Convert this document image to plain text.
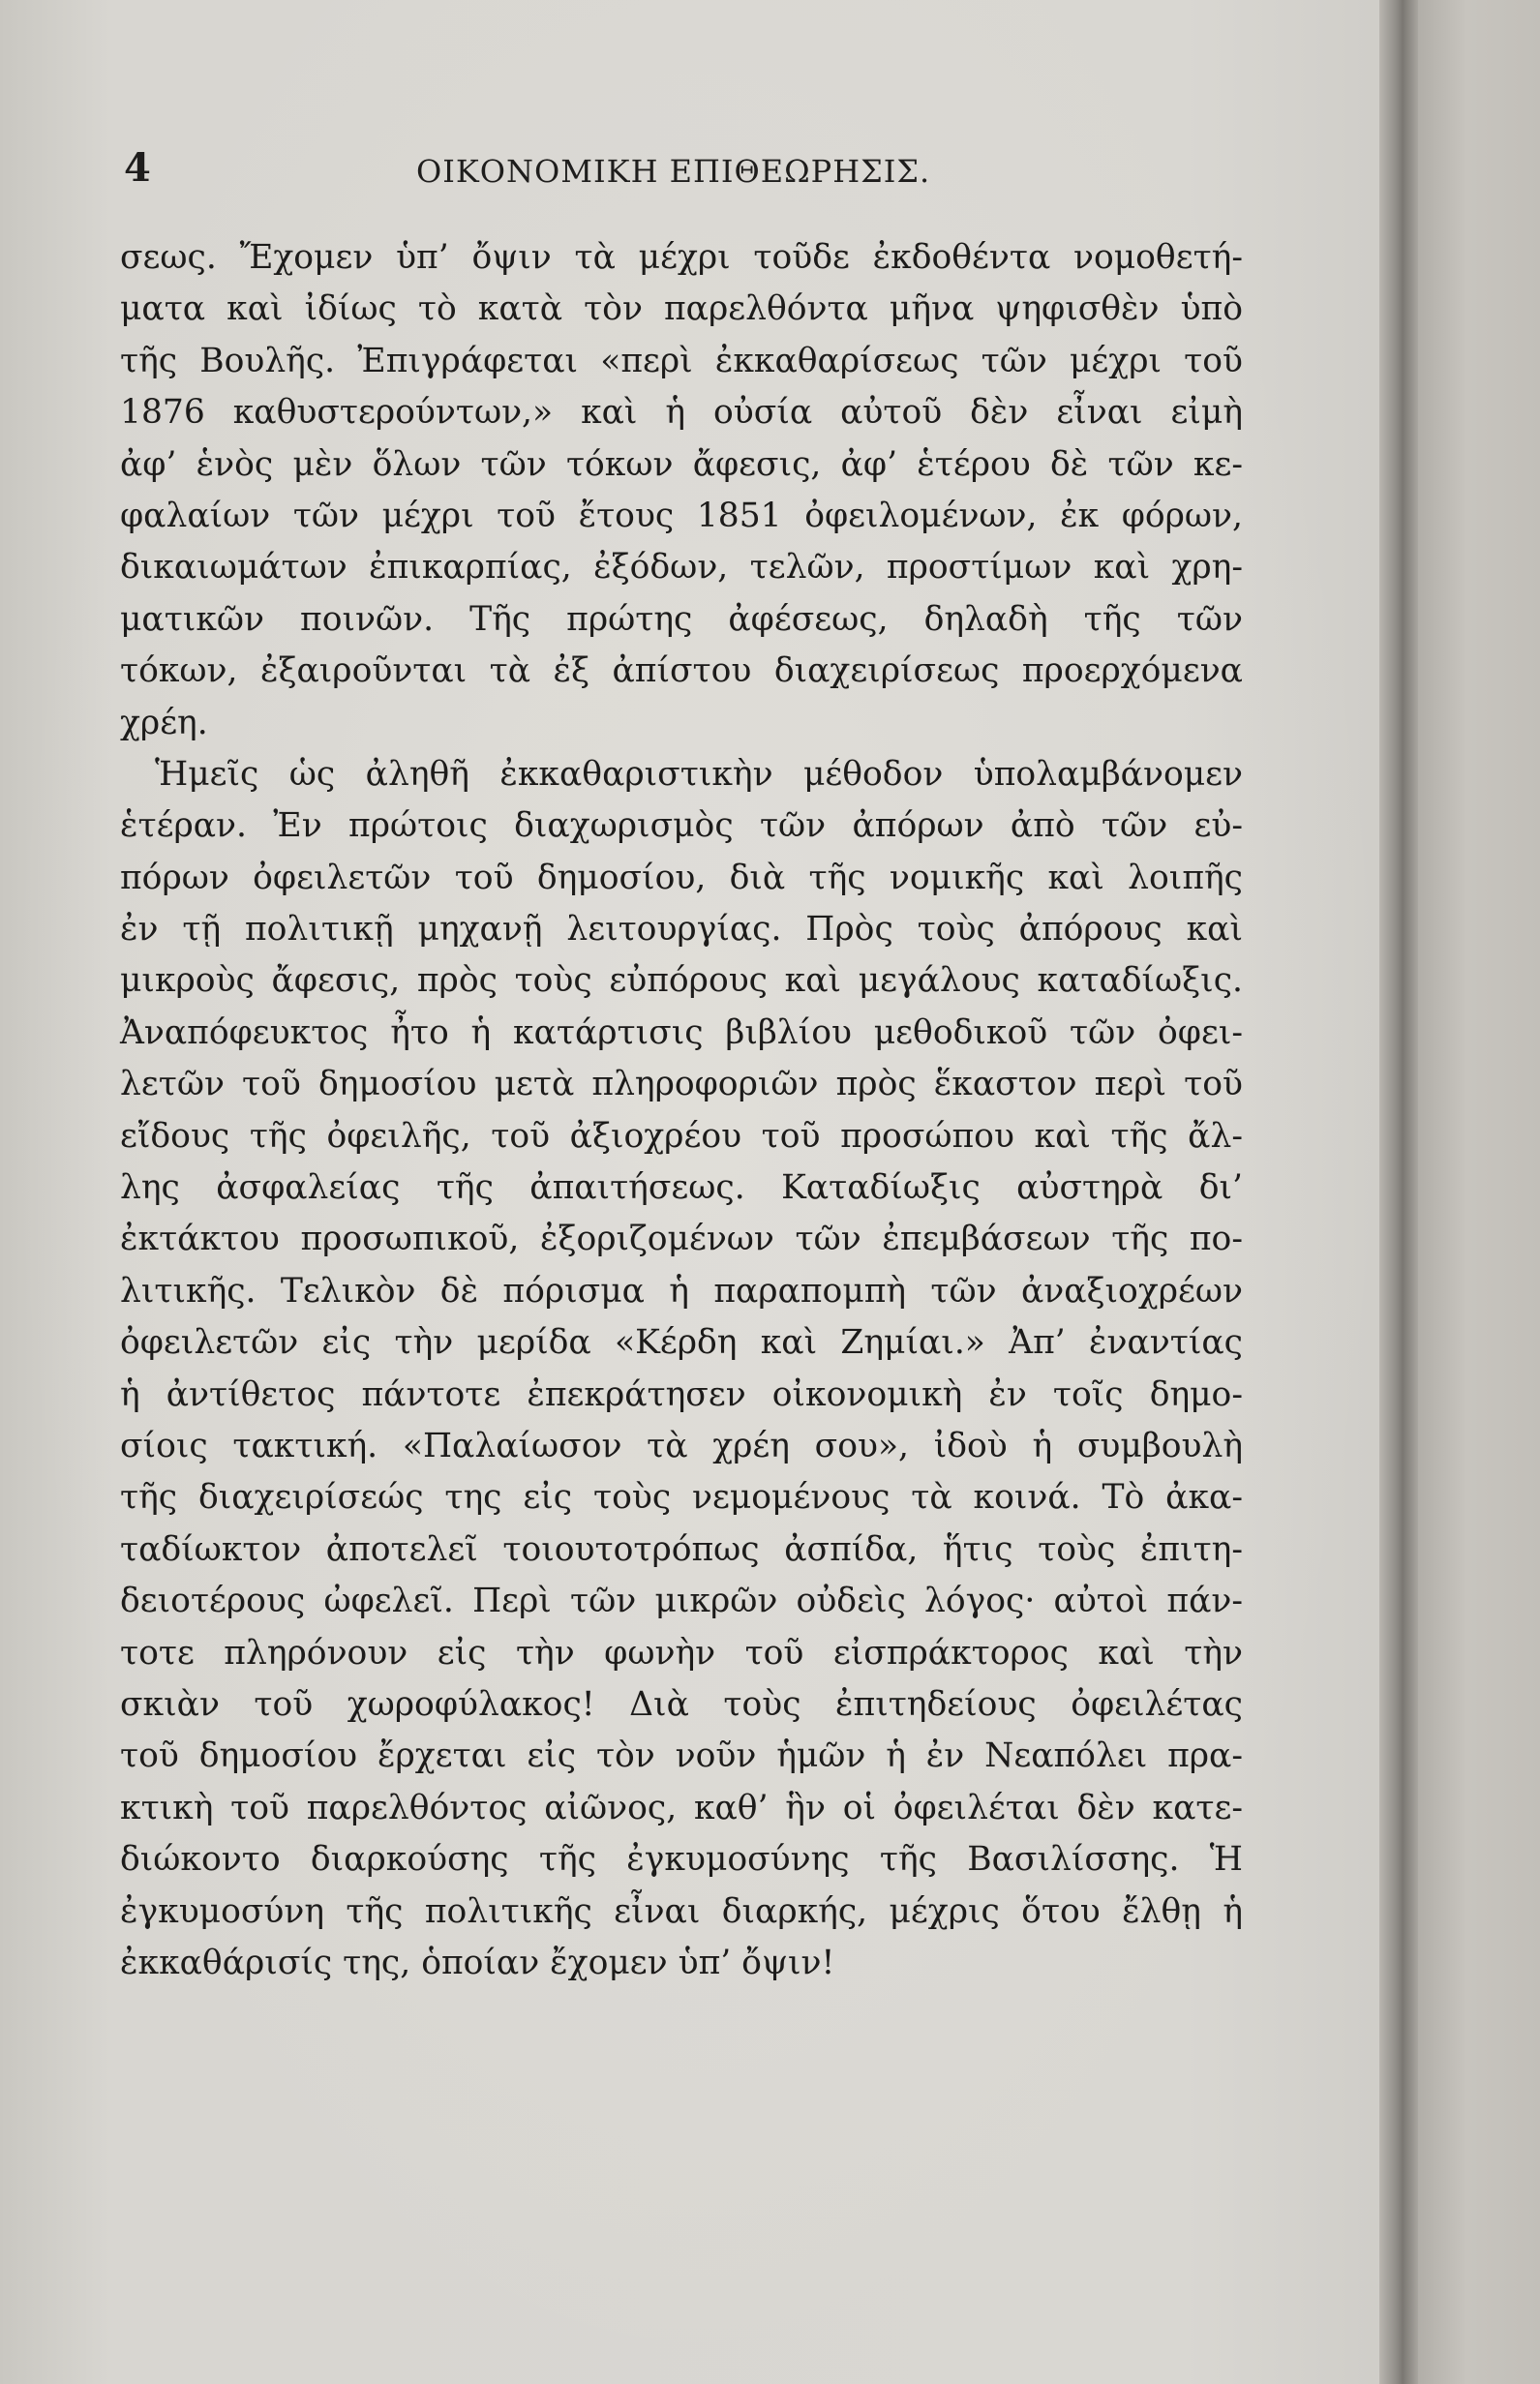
4	ΟΙΚΟΝΟΜΙΚΗ ΕΠΙΘΕΩΡΗΣΙΣ.
σεως. Ἔχομεν ὑπ’ ὄψιν τὰ μέχρι τοῦδε ἐκδοθέντα νομοθετή-
ματα καὶ ἰδίως τὸ κατὰ τὸν παρελθόντα μῆνα ψηφισθὲν ὑπὸ
τῆς Βουλῆς. Ἐπιγράφεται «περὶ ἐκκαθαρίσεως τῶν μέχρι τοῦ
1876 καθυστερούντων,» καὶ ἡ οὐσία αὐτοῦ δὲν εἶναι εἰμὴ
ἀφ’ ἑνὸς μὲν ὅλων τῶν τόκων ἄφεσις, ἀφ’ ἑτέρου δὲ τῶν κε-
φαλαίων τῶν μέχρι τοῦ ἔτους 1851 ὀφειλομένων, ἐκ φόρων,
δικαιωμάτων ἐπικαρπίας, ἐξόδων, τελῶν, προστίμων καὶ χρη-
ματικῶν ποινῶν. Τῆς πρώτης ἀφέσεως, δηλαδὴ τῆς τῶν
τόκων, ἐξαιροῦνται τὰ ἐξ ἀπίστου διαχειρίσεως προερχόμενα
χρέη.
Ἡμεῖς ὡς ἀληθῆ ἐκκαθαριστικὴν μέθοδον ὑπολαμβάνομεν
ἑτέραν. Ἐν πρώτοις διαχωρισμὸς τῶν ἀπόρων ἀπὸ τῶν εὐ-
πόρων ὀφειλετῶν τοῦ δημοσίου, διὰ τῆς νομικῆς καὶ λοιπῆς
ἐν τῇ πολιτικῇ μηχανῇ λειτουργίας. Πρὸς τοὺς ἀπόρους καὶ
μικροὺς ἄφεσις, πρὸς τοὺς εὐπόρους καὶ μεγάλους καταδίωξις.
Ἀναπόφευκτος ἦτο ἡ κατάρτισις βιβλίου μεθοδικοῦ τῶν ὀφει-
λετῶν τοῦ δημοσίου μετὰ πληροφοριῶν πρὸς ἕκαστον περὶ τοῦ
εἴδους τῆς ὀφειλῆς, τοῦ ἀξιοχρέου τοῦ προσώπου καὶ τῆς ἄλ-
λης ἀσφαλείας τῆς ἀπαιτήσεως. Καταδίωξις αὐστηρὰ δι’
ἐκτάκτου προσωπικοῦ, ἐξοριζομένων τῶν ἐπεμβάσεων τῆς πο-
λιτικῆς. Τελικὸν δὲ πόρισμα ἡ παραπομπὴ τῶν ἀναξιοχρέων
ὀφειλετῶν εἰς τὴν μερίδα «Κέρδη καὶ Ζημίαι.» Ἀπ’ ἐναντίας
ἡ ἀντίθετος πάντοτε ἐπεκράτησεν οἰκονομικὴ ἐν τοῖς δημο-
σίοις τακτική. «Παλαίωσον τὰ χρέη σου», ἰδοὺ ἡ συμβουλὴ
τῆς διαχειρίσεώς της εἰς τοὺς νεμομένους τὰ κοινά. Τὸ ἀκα-
ταδίωκτον ἀποτελεῖ τοιουτοτρόπως ἀσπίδα, ἥτις τοὺς ἐπιτη-
δειοτέρους ὠφελεῖ. Περὶ τῶν μικρῶν οὐδεὶς λόγος· αὐτοὶ πάν-
τοτε πληρόνουν εἰς τὴν φωνὴν τοῦ εἰσπράκτορος καὶ τὴν
σκιὰν τοῦ χωροφύλακος! Διὰ τοὺς ἐπιτηδείους ὀφειλέτας
τοῦ δημοσίου ἔρχεται εἰς τὸν νοῦν ἡμῶν ἡ ἐν Νεαπόλει πρα-
κτικὴ τοῦ παρελθόντος αἰῶνος, καθ’ ἣν οἱ ὀφειλέται δὲν κατε-
διώκοντο διαρκούσης τῆς ἐγκυμοσύνης τῆς Βασιλίσσης. Ἡ
ἐγκυμοσύνη τῆς πολιτικῆς εἶναι διαρκής, μέχρις ὅτου ἔλθῃ ἡ
ἐκκαθάρισίς της, ὁποίαν ἔχομεν ὑπ’ ὄψιν!
